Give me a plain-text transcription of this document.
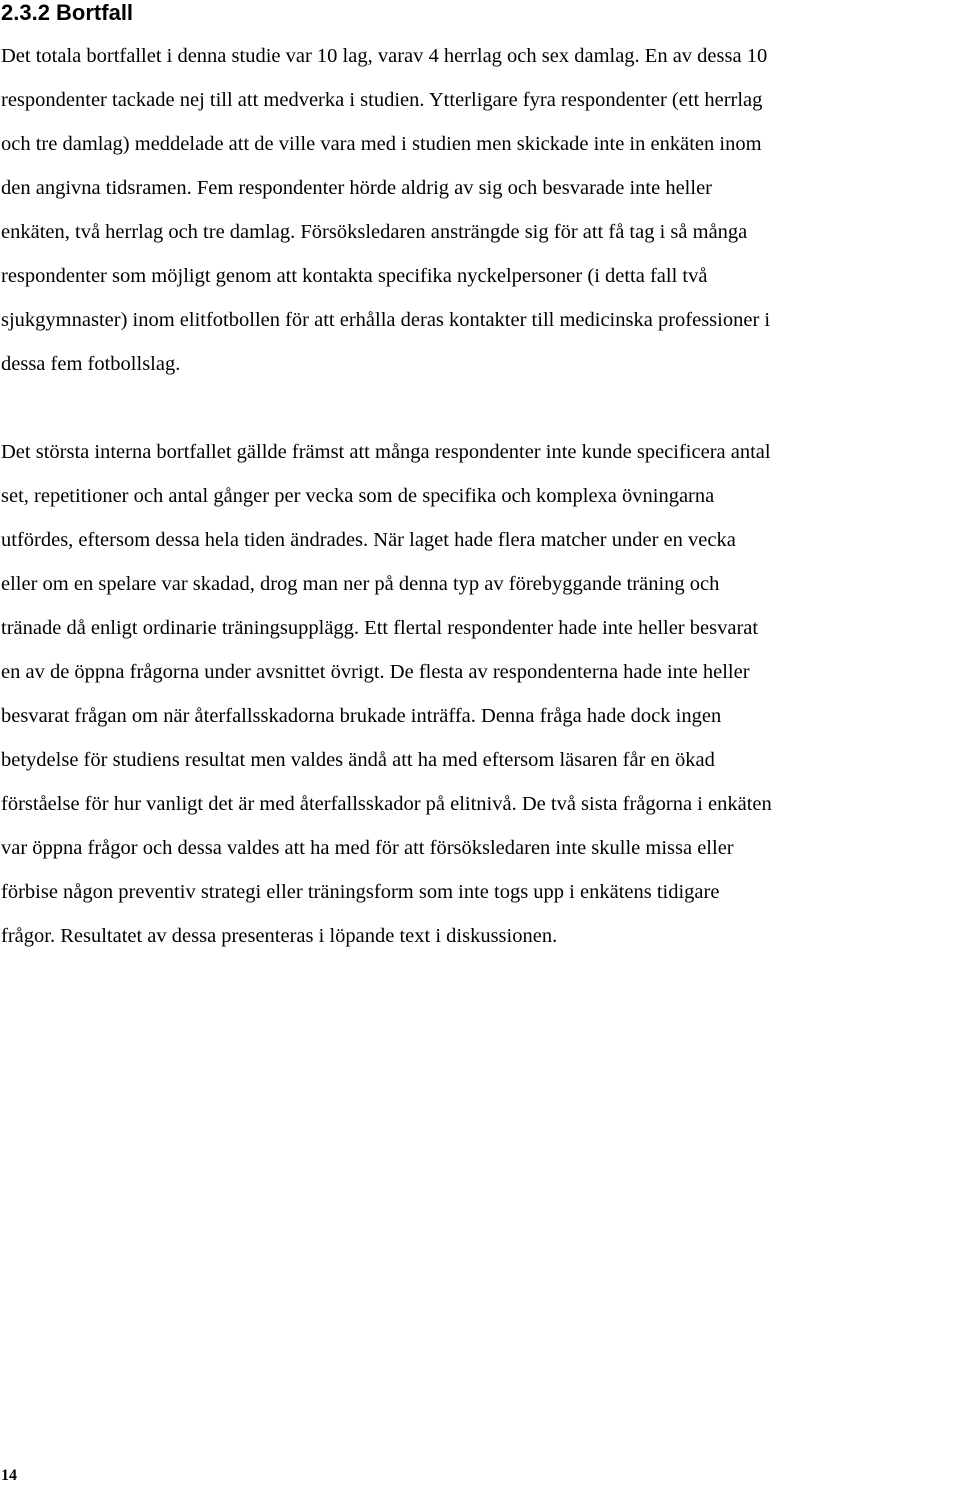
2.3.2 Bortfall

Det totala bortfallet i denna studie var 10 lag, varav 4 herrlag och sex damlag. En av dessa 10

respondenter tackade nej till att medverka i studien. Ytterligare fyra respondenter (ett herrlag

och tre damlag) meddelade att de ville vara med i studien men skickade inte in enkäten inom

den angivna tidsramen. Fem respondenter hörde aldrig av sig och besvarade inte heller

enkäten, två herrlag och tre damlag. Försöksledaren ansträngde sig för att få tag i så många

respondenter som möjligt genom att kontakta specifika nyckelpersoner (i detta fall två

sjukgymnaster) inom elitfotbollen för att erhålla deras kontakter till medicinska professioner i

dessa fem fotbollslag.

Det största interna bortfallet gällde främst att många respondenter inte kunde specificera antal

set, repetitioner och antal gånger per vecka som de specifika och komplexa övningarna

utfördes, eftersom dessa hela tiden ändrades. När laget hade flera matcher under en vecka

eller om en spelare var skadad, drog man ner på denna typ av förebyggande träning och

tränade då enligt ordinarie träningsupplägg. Ett flertal respondenter hade inte heller besvarat

en av de öppna frågorna under avsnittet övrigt. De flesta av respondenterna hade inte heller

besvarat frågan om när återfallsskadorna brukade inträffa. Denna fråga hade dock ingen

betydelse för studiens resultat men valdes ändå att ha med eftersom läsaren får en ökad

förståelse för hur vanligt det är med återfallsskador på elitnivå. De två sista frågorna i enkäten

var öppna frågor och dessa valdes att ha med för att försöksledaren inte skulle missa eller

förbise någon preventiv strategi eller träningsform som inte togs upp i enkätens tidigare

frågor. Resultatet av dessa presenteras i löpande text i diskussionen.

14
